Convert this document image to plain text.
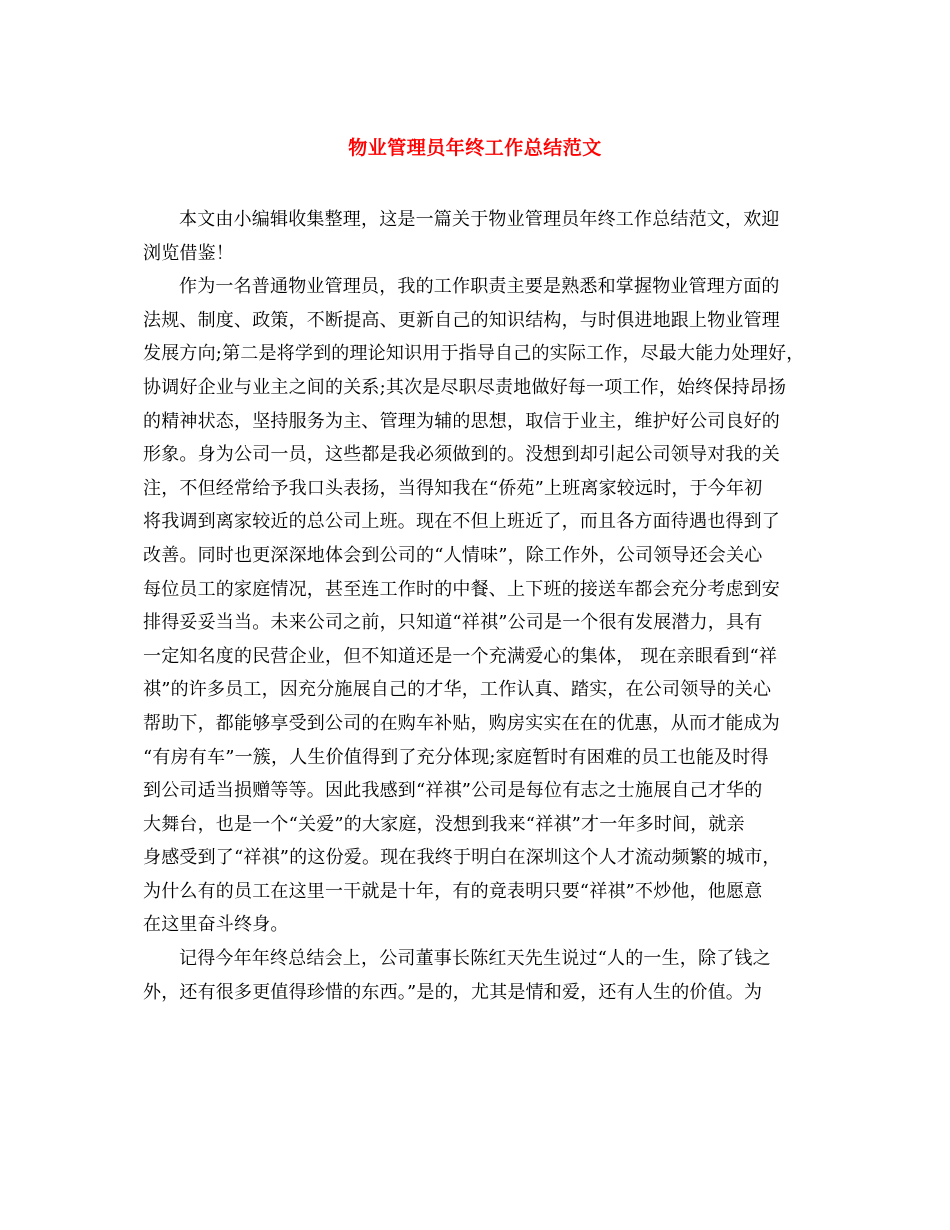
物业管理员年终工作总结范文
本文由小编辑收集整理，这是一篇关于物业管理员年终工作总结范文，欢迎
浏览借鉴！
作为一名普通物业管理员，我的工作职责主要是熟悉和掌握物业管理方面的
法规、制度、政策，不断提高、更新自己的知识结构，与时俱进地跟上物业管理
发展方向;第二是将学到的理论知识用于指导自己的实际工作，尽最大能力处理好，
协调好企业与业主之间的关系;其次是尽职尽责地做好每一项工作，始终保持昂扬
的精神状态，坚持服务为主、管理为辅的思想，取信于业主，维护好公司良好的
形象。身为公司一员，这些都是我必须做到的。没想到却引起公司领导对我的关
注，不但经常给予我口头表扬，当得知我在“侨苑”上班离家较远时，于今年初
将我调到离家较近的总公司上班。现在不但上班近了，而且各方面待遇也得到了
改善。同时也更深深地体会到公司的“人情味”，除工作外，公司领导还会关心
每位员工的家庭情况，甚至连工作时的中餐、上下班的接送车都会充分考虑到安
排得妥妥当当。未来公司之前，只知道“祥祺”公司是一个很有发展潜力，具有
一定知名度的民营企业，但不知道还是一个充满爱心的集体， 现在亲眼看到“祥
祺”的许多员工，因充分施展自己的才华，工作认真、踏实，在公司领导的关心
帮助下，都能够享受到公司的在购车补贴，购房实实在在的优惠，从而才能成为
“有房有车”一簇，人生价值得到了充分体现;家庭暂时有困难的员工也能及时得
到公司适当损赠等等。因此我感到“祥祺”公司是每位有志之士施展自己才华的
大舞台，也是一个“关爱”的大家庭，没想到我来“祥祺”才一年多时间，就亲
身感受到了“祥祺”的这份爱。现在我终于明白在深圳这个人才流动频繁的城市，
为什么有的员工在这里一干就是十年，有的竟表明只要“祥祺”不炒他，他愿意
在这里奋斗终身。
记得今年年终总结会上，公司董事长陈红天先生说过“人的一生，除了钱之
外，还有很多更值得珍惜的东西。”是的，尤其是情和爱，还有人生的价值。为
